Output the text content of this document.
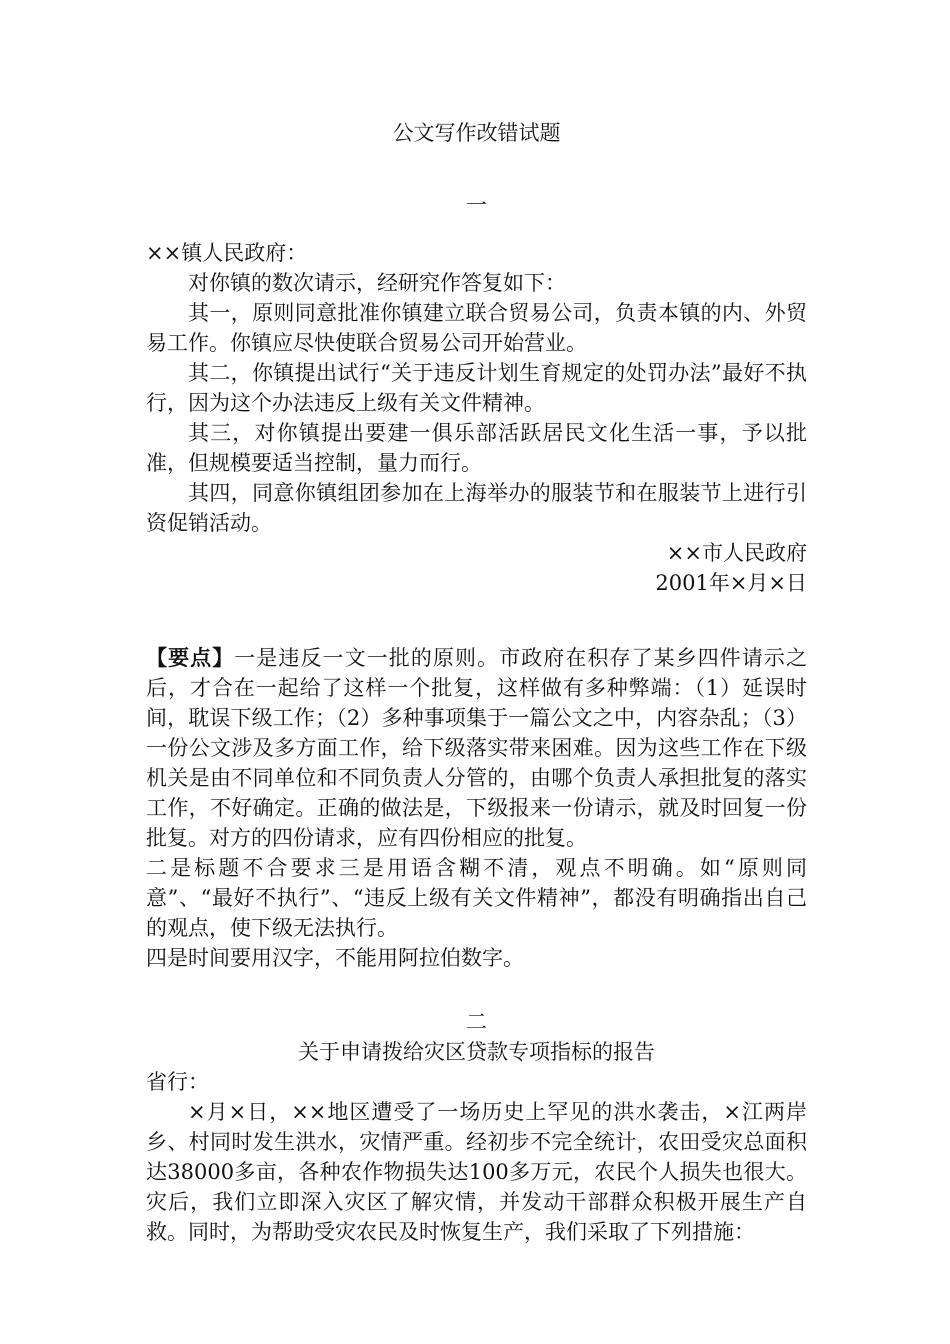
公文写作改错试题
一

××镇人民政府：

对你镇的数次请示，经研究作答复如下：

其一，原则同意批准你镇建立联合贸易公司，负责本镇的内、外贸易工作。你镇应尽快使联合贸易公司开始营业。

其二，你镇提出试行“关于违反计划生育规定的处罚办法”最好不执行，因为这个办法违反上级有关文件精神。

其三，对你镇提出要建一俱乐部活跃居民文化生活一事，予以批准，但规模要适当控制，量力而行。

其四，同意你镇组团参加在上海举办的服装节和在服装节上进行引资促销活动。

××市人民政府
2001年×月×日

【要点】一是违反一文一批的原则。市政府在积存了某乡四件请示之后，才合在一起给了这样一个批复，这样做有多种弊端：（1）延误时间，耽误下级工作；（2）多种事项集于一篇公文之中，内容杂乱；（3）一份公文涉及多方面工作，给下级落实带来困难。因为这些工作在下级机关是由不同单位和不同负责人分管的，由哪个负责人承担批复的落实工作，不好确定。正确的做法是，下级报来一份请示，就及时回复一份批复。对方的四份请求，应有四份相应的批复。

二是标题不合要求三是用语含糊不清，观点不明确。如“原则同意”、“最好不执行”、“违反上级有关文件精神”，都没有明确指出自己的观点，使下级无法执行。

四是时间要用汉字，不能用阿拉伯数字。

二
关于申请拨给灾区贷款专项指标的报告

省行：

×月×日，××地区遭受了一场历史上罕见的洪水袭击，×江两岸乡、村同时发生洪水，灾情严重。经初步不完全统计，农田受灾总面积达38000多亩，各种农作物损失达100多万元，农民个人损失也很大。灾后，我们立即深入灾区了解灾情，并发动干部群众积极开展生产自救。同时，为帮助受灾农民及时恢复生产，我们采取了下列措施：
